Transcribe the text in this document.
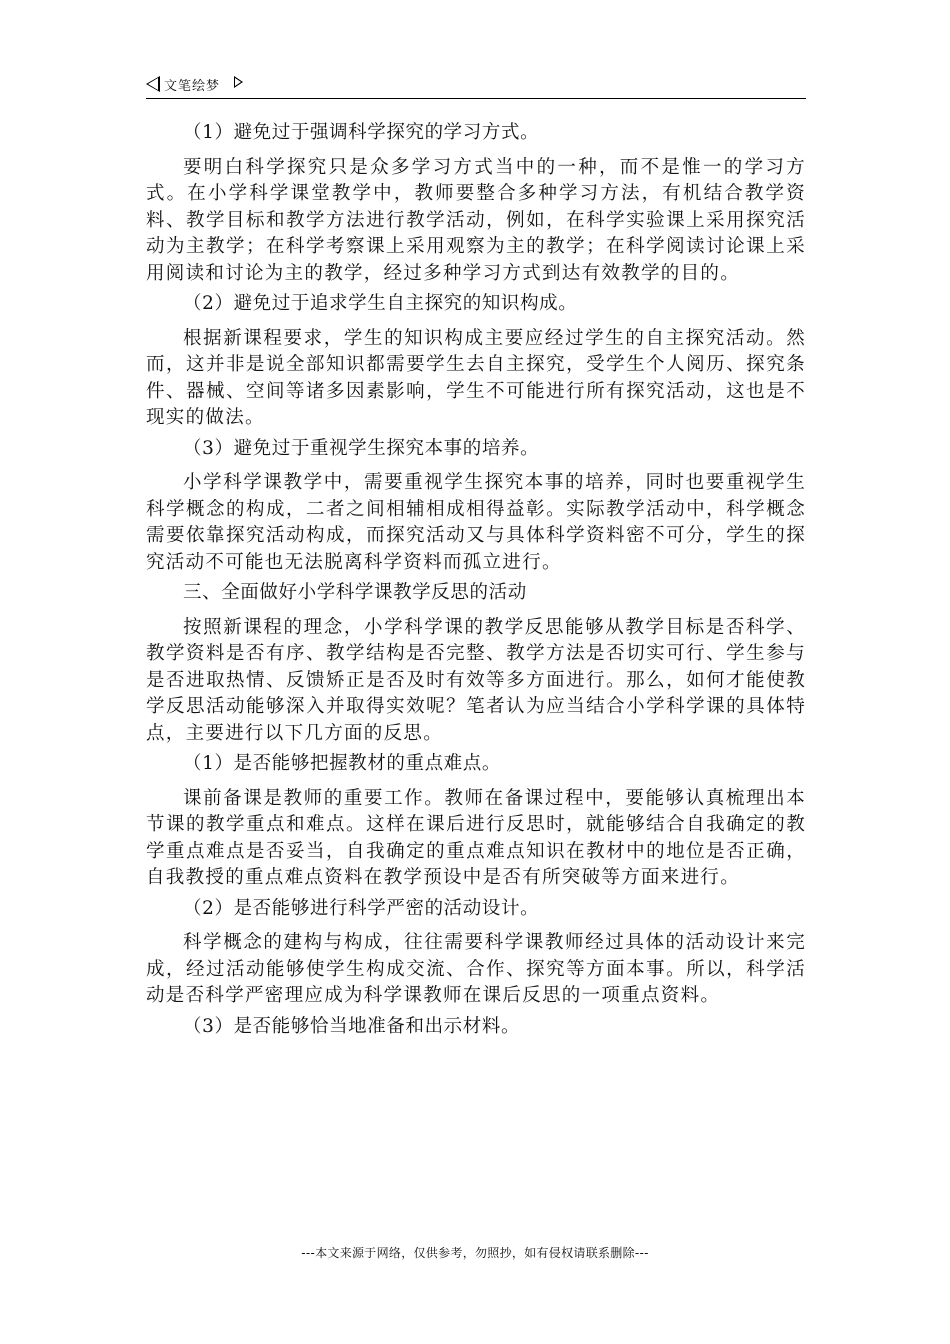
文笔绘梦

（1）避免过于强调科学探究的学习方式。

要明白科学探究只是众多学习方式当中的一种，而不是惟一的学习方式。在小学科学课堂教学中，教师要整合多种学习方法，有机结合教学资料、教学目标和教学方法进行教学活动，例如，在科学实验课上采用探究活动为主教学；在科学考察课上采用观察为主的教学；在科学阅读讨论课上采用阅读和讨论为主的教学，经过多种学习方式到达有效教学的目的。

（2）避免过于追求学生自主探究的知识构成。

根据新课程要求，学生的知识构成主要应经过学生的自主探究活动。然而，这并非是说全部知识都需要学生去自主探究，受学生个人阅历、探究条件、器械、空间等诸多因素影响，学生不可能进行所有探究活动，这也是不现实的做法。

（3）避免过于重视学生探究本事的培养。

小学科学课教学中，需要重视学生探究本事的培养，同时也要重视学生科学概念的构成，二者之间相辅相成相得益彰。实际教学活动中，科学概念需要依靠探究活动构成，而探究活动又与具体科学资料密不可分，学生的探究活动不可能也无法脱离科学资料而孤立进行。

三、全面做好小学科学课教学反思的活动

按照新课程的理念，小学科学课的教学反思能够从教学目标是否科学、教学资料是否有序、教学结构是否完整、教学方法是否切实可行、学生参与是否进取热情、反馈矫正是否及时有效等多方面进行。那么，如何才能使教学反思活动能够深入并取得实效呢？笔者认为应当结合小学科学课的具体特点，主要进行以下几方面的反思。

（1）是否能够把握教材的重点难点。

课前备课是教师的重要工作。教师在备课过程中，要能够认真梳理出本节课的教学重点和难点。这样在课后进行反思时，就能够结合自我确定的教学重点难点是否妥当，自我确定的重点难点知识在教材中的地位是否正确，自我教授的重点难点资料在教学预设中是否有所突破等方面来进行。

（2）是否能够进行科学严密的活动设计。

科学概念的建构与构成，往往需要科学课教师经过具体的活动设计来完成，经过活动能够使学生构成交流、合作、探究等方面本事。所以，科学活动是否科学严密理应成为科学课教师在课后反思的一项重点资料。

（3）是否能够恰当地准备和出示材料。

---本文来源于网络，仅供参考，勿照抄，如有侵权请联系删除---
